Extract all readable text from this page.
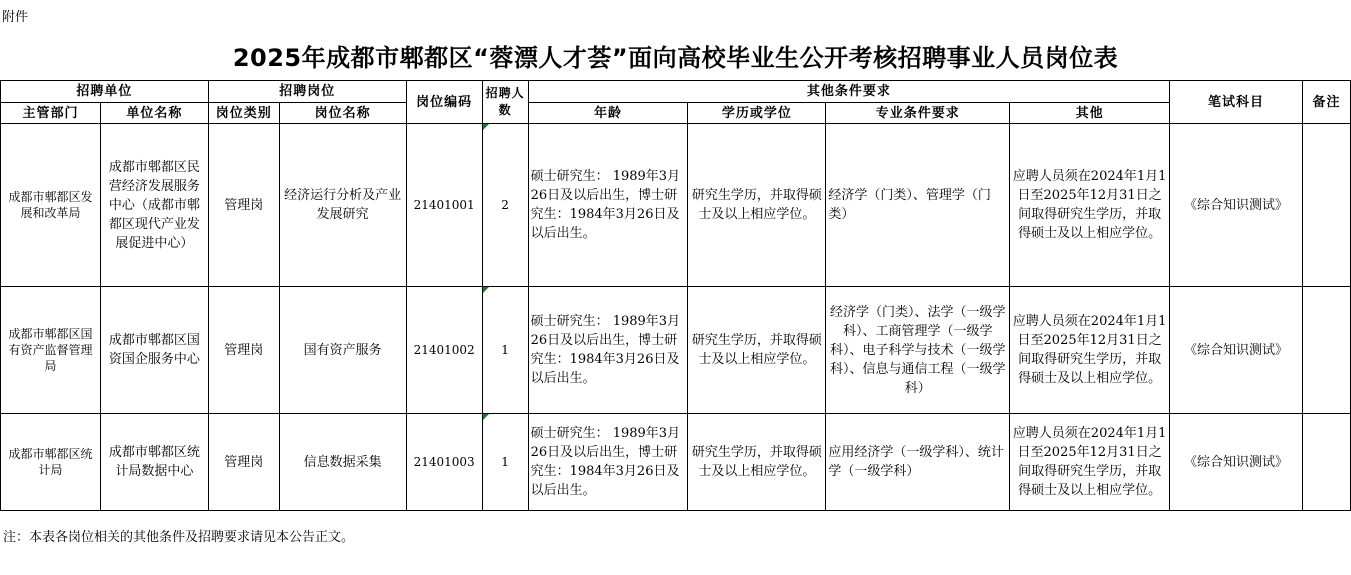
附件
2025年成都市郫都区“蓉漂人才荟”面向高校毕业生公开考核招聘事业人员岗位表
招聘单位		招聘岗位		岗位编码	招聘人数	其他条件要求				笔试科目	备注
主管部门	单位名称	岗位类别	岗位名称			年龄	学历或学位	专业条件要求	其他		
成都市郫都区发展和改革局	成都市郫都区民营经济发展服务中心（成都市郫都区现代产业发展促进中心）	管理岗	经济运行分析及产业发展研究	21401001	2	硕士研究生： 1989年3月26日及以后出生，博士研究生：1984年3月26日及以后出生。	研究生学历，并取得硕士及以上相应学位。	经济学（门类）、管理学（门类）	应聘人员须在2024年1月1日至2025年12月31日之间取得研究生学历，并取得硕士及以上相应学位。	《综合知识测试》	
成都市郫都区国有资产监督管理局	成都市郫都区国资国企服务中心	管理岗	国有资产服务	21401002	1	硕士研究生： 1989年3月26日及以后出生，博士研究生：1984年3月26日及以后出生。	研究生学历，并取得硕士及以上相应学位。	经济学（门类）、法学（一级学科）、工商管理学（一级学科）、电子科学与技术（一级学科）、信息与通信工程（一级学科）	应聘人员须在2024年1月1日至2025年12月31日之间取得研究生学历，并取得硕士及以上相应学位。	《综合知识测试》	
成都市郫都区统计局	成都市郫都区统计局数据中心	管理岗	信息数据采集	21401003	1	硕士研究生： 1989年3月26日及以后出生，博士研究生：1984年3月26日及以后出生。	研究生学历，并取得硕士及以上相应学位。	应用经济学（一级学科）、统计学（一级学科）	应聘人员须在2024年1月1日至2025年12月31日之间取得研究生学历，并取得硕士及以上相应学位。	《综合知识测试》	
注：本表各岗位相关的其他条件及招聘要求请见本公告正文。
